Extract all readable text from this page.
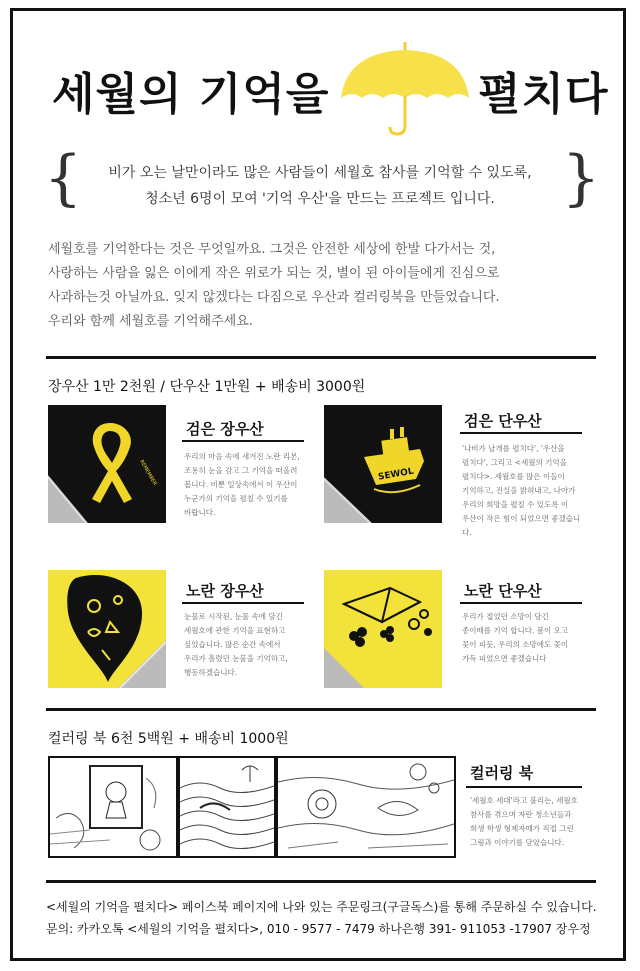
세월의 기억을	펼치다
{	}
비가 오는 날만이라도 많은 사람들이 세월호 참사를 기억할 수 있도록,
청소년 6명이 모여 '기억 우산'을 만드는 프로젝트 입니다.
세월호를 기억한다는 것은 무엇일까요. 그것은 안전한 세상에 한발 다가서는 것,
사랑하는 사람을 잃은 이에게 작은 위로가 되는 것, 별이 된 아이들에게 진심으로
사과하는것 아닐까요. 잊지 않겠다는 다짐으로 우산과 컬러링북을 만들었습니다.
우리와 함께 세월호를 기억해주세요.
장우산 1만 2천원 / 단우산 1만원 + 배송비 3000원
REMEMBER
검은 장우산
우리의 마음 속에 새겨진 노란 리본,
조용히 눈을 감고 그 기억을 떠올려
봅니다. 비뿐 일상속에서 이 우산이
누군가의 기억을 펼칠 수 있기를
바랍니다.
SEWOL
검은 단우산
'나비가 날개를 펼치다', '우산을
펼치다', 그리고 <세월의 기억을
펼치다>. 세월호를 많은 이들이
기억하고, 진실을 밝혀내고, 나아가
우리의 희망을 펼칠 수 있도록 이
우산이 작은 힘이 되었으면 좋겠습니다.
노란 장우산
눈물로 시작된, 눈물 속에 담긴
세월호에 관한 기억을 표현하고
싶었습니다. 많은 순간 속에서
우리가 흘렸던 눈물을 기억하고,
행동하겠습니다.
노란 단우산
우리가 접었던 소망이 담긴
종이배를 기억 합니다. 봄이 오고
꽃이 피듯, 우리의 소망에도 꽃이
가득 피었으면 좋겠습니다
컬러링 북 6천 5백원 + 배송비 1000원
컬러링 북
'세월호 세대'라고 불리는, 세월호
참사를 겪으며 자란 청소년들과
희생 학생 형제자매가 직접 그린
그림과 이야기를 담았습니다.
<세월의 기억을 펼치다> 페이스북 페이지에 나와 있는 주문링크(구글독스)를 통해 주문하실 수 있습니다.
문의: 카카오톡 <세월의 기억을 펼치다>, 010 - 9577 - 7479 하나은행 391- 911053 -17907 장우정
